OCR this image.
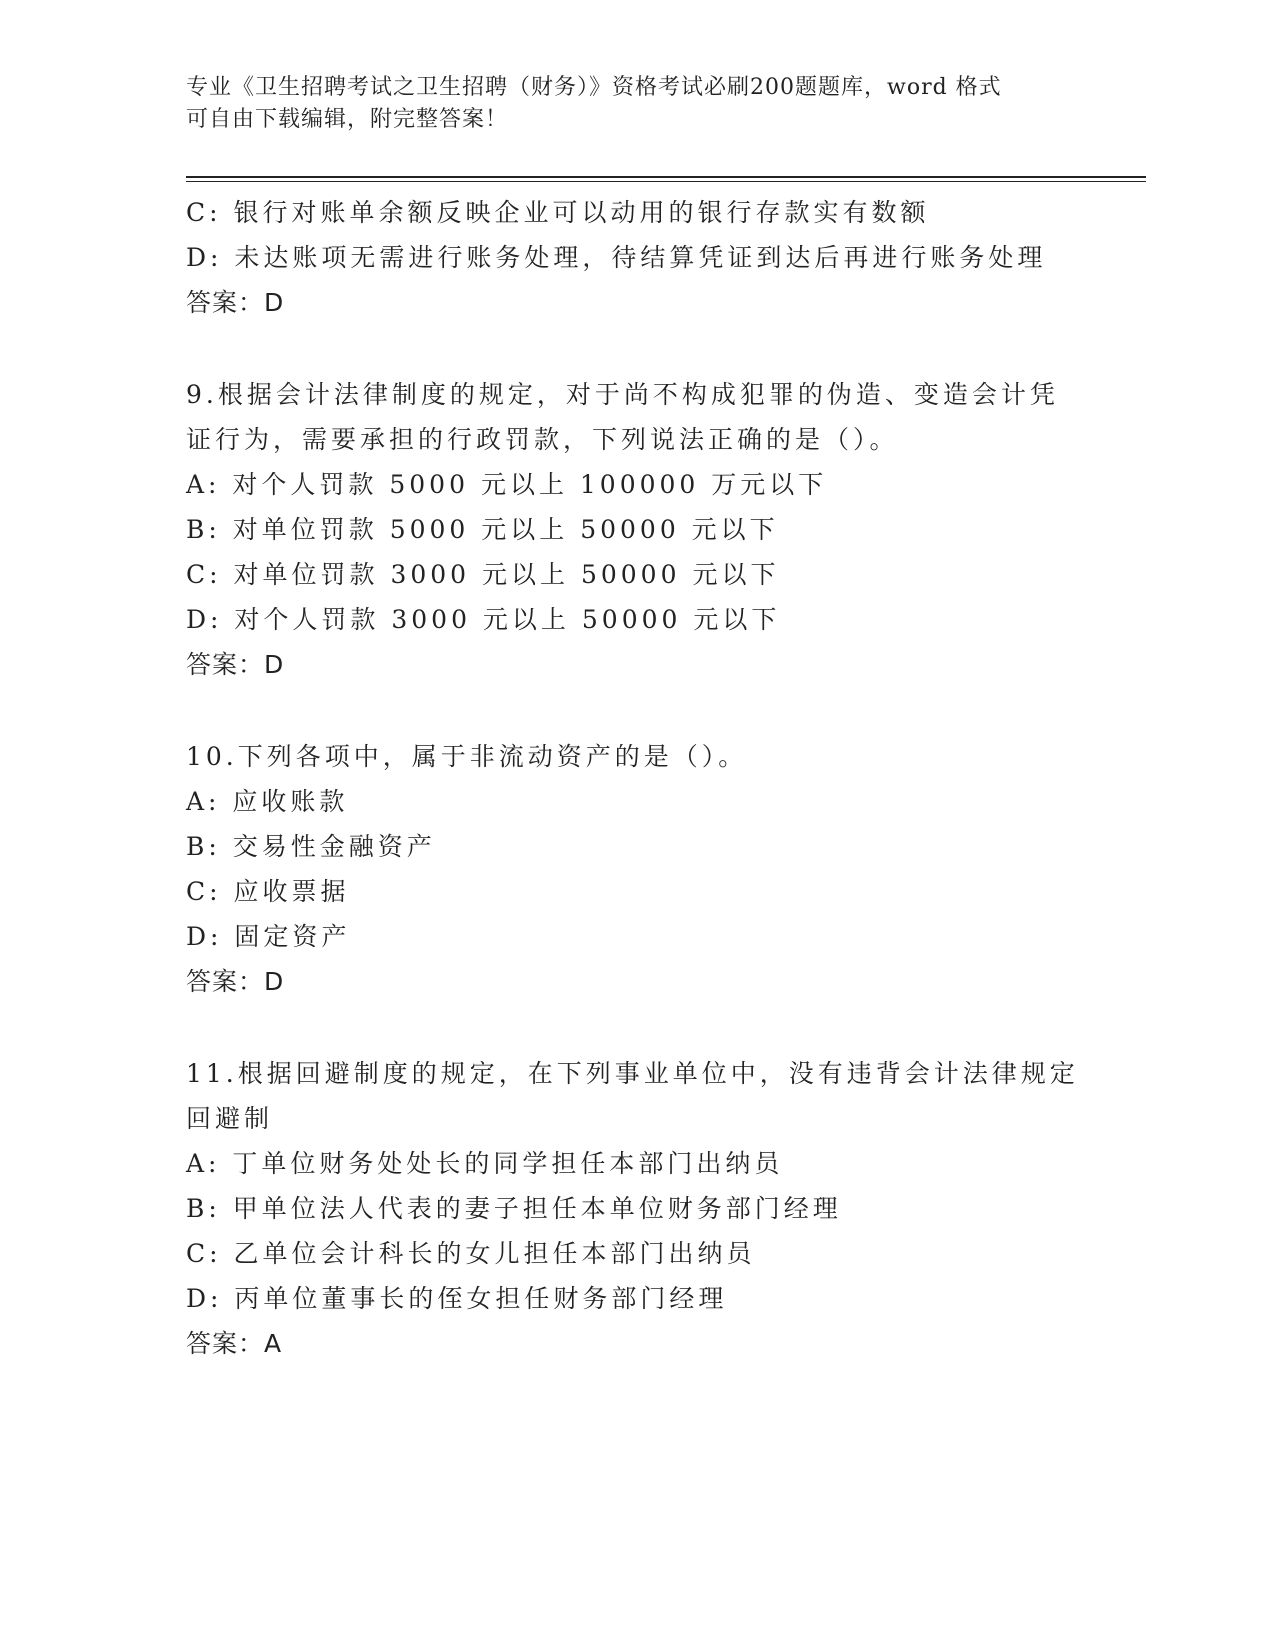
专业《卫生招聘考试之卫生招聘（财务）》资格考试必刷200题题库，word 格式
可自由下载编辑，附完整答案！
C: 银行对账单余额反映企业可以动用的银行存款实有数额
D: 未达账项无需进行账务处理，待结算凭证到达后再进行账务处理
答案：D
9.根据会计法律制度的规定，对于尚不构成犯罪的伪造、变造会计凭
证行为，需要承担的行政罚款，下列说法正确的是（）。
A: 对个人罚款 5000 元以上 100000 万元以下
B: 对单位罚款 5000 元以上 50000 元以下
C: 对单位罚款 3000 元以上 50000 元以下
D: 对个人罚款 3000 元以上 50000 元以下
答案：D
10.下列各项中，属于非流动资产的是（）。
A: 应收账款
B: 交易性金融资产
C: 应收票据
D: 固定资产
答案：D
11.根据回避制度的规定，在下列事业单位中，没有违背会计法律规定
回避制
A: 丁单位财务处处长的同学担任本部门出纳员
B: 甲单位法人代表的妻子担任本单位财务部门经理
C: 乙单位会计科长的女儿担任本部门出纳员
D: 丙单位董事长的侄女担任财务部门经理
答案：A
